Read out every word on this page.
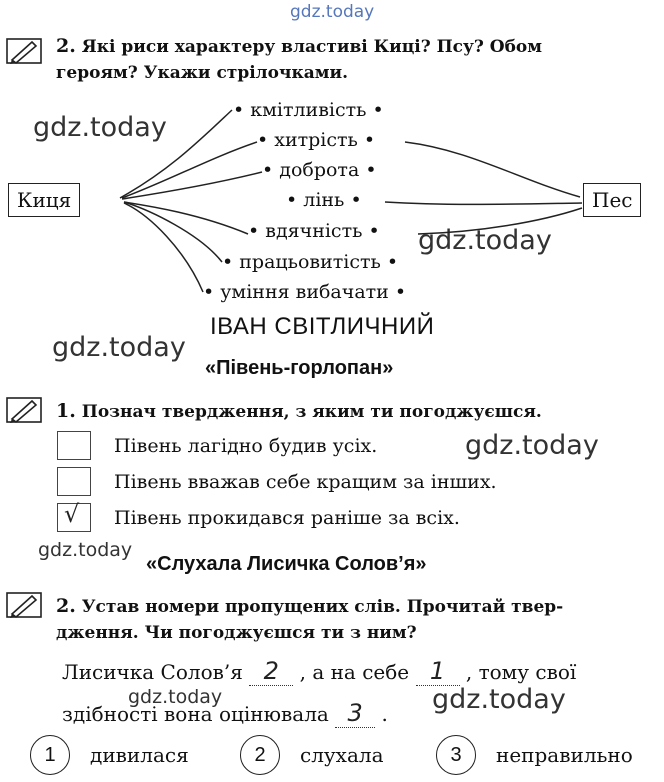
gdz.today
gdz.today
gdz.today
gdz.today
gdz.today
gdz.today
gdz.today	gdz.today
2. Які риси характеру властиві Киці? Псу? Обом
героям? Укажи стрілочками.
Киця	Пес
• кмітливість •
• хитрість •
• доброта •
• лінь •
• вдячність •
• працьовитість •
• уміння вибачати •
ІВАН СВІТЛИЧНИЙ
«Півень-горлопан»
1. Познач твердження, з яким ти погоджуєшся.
Півень лагідно будив усіх.
Півень вважав себе кращим за інших.
√ Півень прокидався раніше за всіх.
«Слухала Лисичка Солов’я»
2. Устав номери пропущених слів. Прочитай твер-
дження. Чи погоджуєшся ти з ним?
Лисичка Солов’я 2 , а на себе 1 , тому свої
здібності вона оцінювала 3 .
1	дивилася	2	слухала	3	неправильно
